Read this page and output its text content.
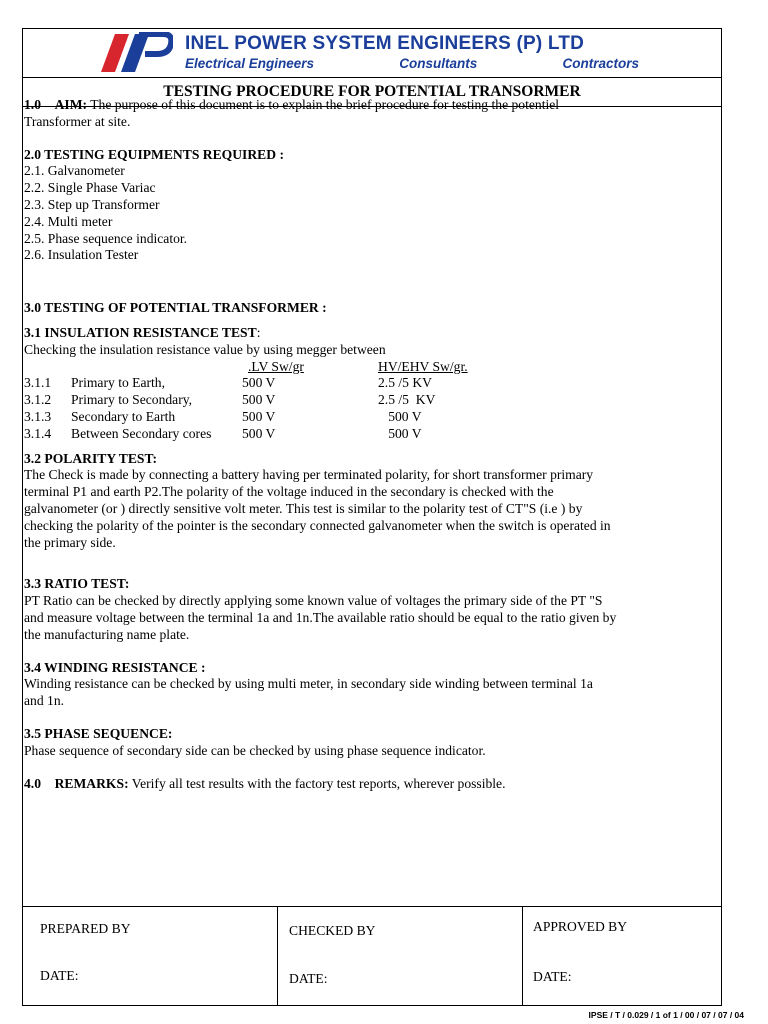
INEL POWER SYSTEM ENGINEERS (P) LTD
Electrical Engineers	Consultants	Contractors
TESTING PROCEDURE FOR POTENTIAL TRANSORMER
PREPARED BY
DATE:
CHECKED BY
DATE:
APPROVED BY
DATE:

1.0 AIM: The purpose of this document is to explain the brief procedure for testing the potentiel

Transformer at site.

2.0 TESTING EQUIPMENTS REQUIRED :

2.1. Galvanometer

2.2. Single Phase Variac

2.3. Step up Transformer

2.4. Multi meter

2.5. Phase sequence indicator.

2.6. Insulation Tester

3.0 TESTING OF POTENTIAL TRANSFORMER :

3.1 INSULATION RESISTANCE TEST:

Checking the insulation resistance value by using megger between

		.LV Sw/gr	HV/EHV Sw/gr.
3.1.1	Primary to Earth,	500 V	2.5 /5 KV
3.1.2	Primary to Secondary,	500 V	2.5 /5  KV
3.1.3	Secondary to Earth	500 V	500 V
3.1.4	Between Secondary cores	500 V	500 V

3.2 POLARITY TEST:

The Check is made by connecting a battery having per terminated polarity, for short transformer primary

terminal P1 and earth P2.The polarity of the voltage induced in the secondary is checked with the

galvanometer (or ) directly sensitive volt meter. This test is similar to the polarity test of CT"S (i.e ) by

checking the polarity of the pointer is the secondary connected galvanometer when the switch is operated in

the primary side.

3.3 RATIO TEST:

PT Ratio can be checked by directly applying some known value of voltages the primary side of the PT "S

and measure voltage between the terminal 1a and 1n.The available ratio should be equal to the ratio given by

the manufacturing name plate.

3.4 WINDING RESISTANCE :

Winding resistance can be checked by using multi meter, in secondary side winding between terminal 1a

and 1n.

3.5 PHASE SEQUENCE:

Phase sequence of secondary side can be checked by using phase sequence indicator.

4.0    REMARKS: Verify all test results with the factory test reports, wherever possible.

IPSE / T / 0.029 / 1 of 1 / 00 / 07 / 07 / 04
